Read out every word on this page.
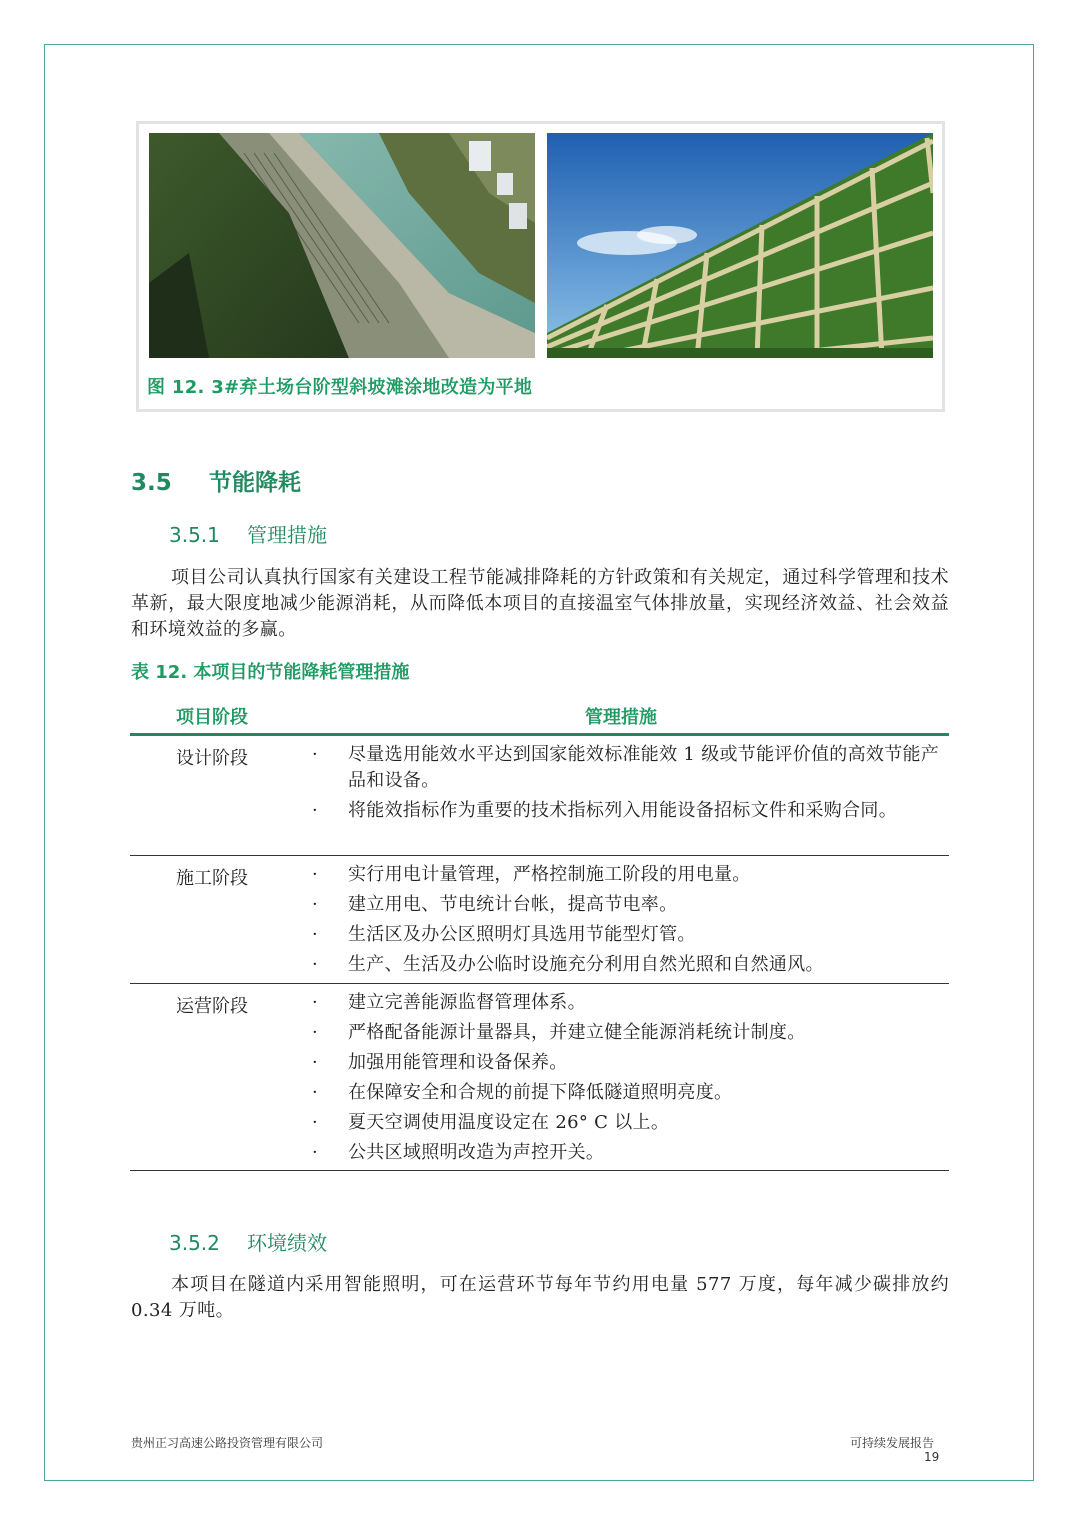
图 12. 3#弃土场台阶型斜坡滩涂地改造为平地
3.5 节能降耗
3.5.1 管理措施
项目公司认真执行国家有关建设工程节能减排降耗的方针政策和有关规定，通过科学管理和技术革新，最大限度地减少能源消耗，从而降低本项目的直接温室气体排放量，实现经济效益、社会效益和环境效益的多赢。
表 12. 本项目的节能降耗管理措施
项目阶段	管理措施
设计阶段	· 尽量选用能效水平达到国家能效标准能效 1 级或节能评价值的高效节能产品和设备。
· 将能效指标作为重要的技术指标列入用能设备招标文件和采购合同。
施工阶段	· 实行用电计量管理，严格控制施工阶段的用电量。
· 建立用电、节电统计台帐，提高节电率。
· 生活区及办公区照明灯具选用节能型灯管。
· 生产、生活及办公临时设施充分利用自然光照和自然通风。
运营阶段	· 建立完善能源监督管理体系。
· 严格配备能源计量器具，并建立健全能源消耗统计制度。
· 加强用能管理和设备保养。
· 在保障安全和合规的前提下降低隧道照明亮度。
· 夏天空调使用温度设定在 26° C 以上。
· 公共区域照明改造为声控开关。
3.5.2 环境绩效
本项目在隧道内采用智能照明，可在运营环节每年节约用电量 577 万度，每年减少碳排放约 0.34 万吨。
贵州正习高速公路投资管理有限公司	可持续发展报告
19
